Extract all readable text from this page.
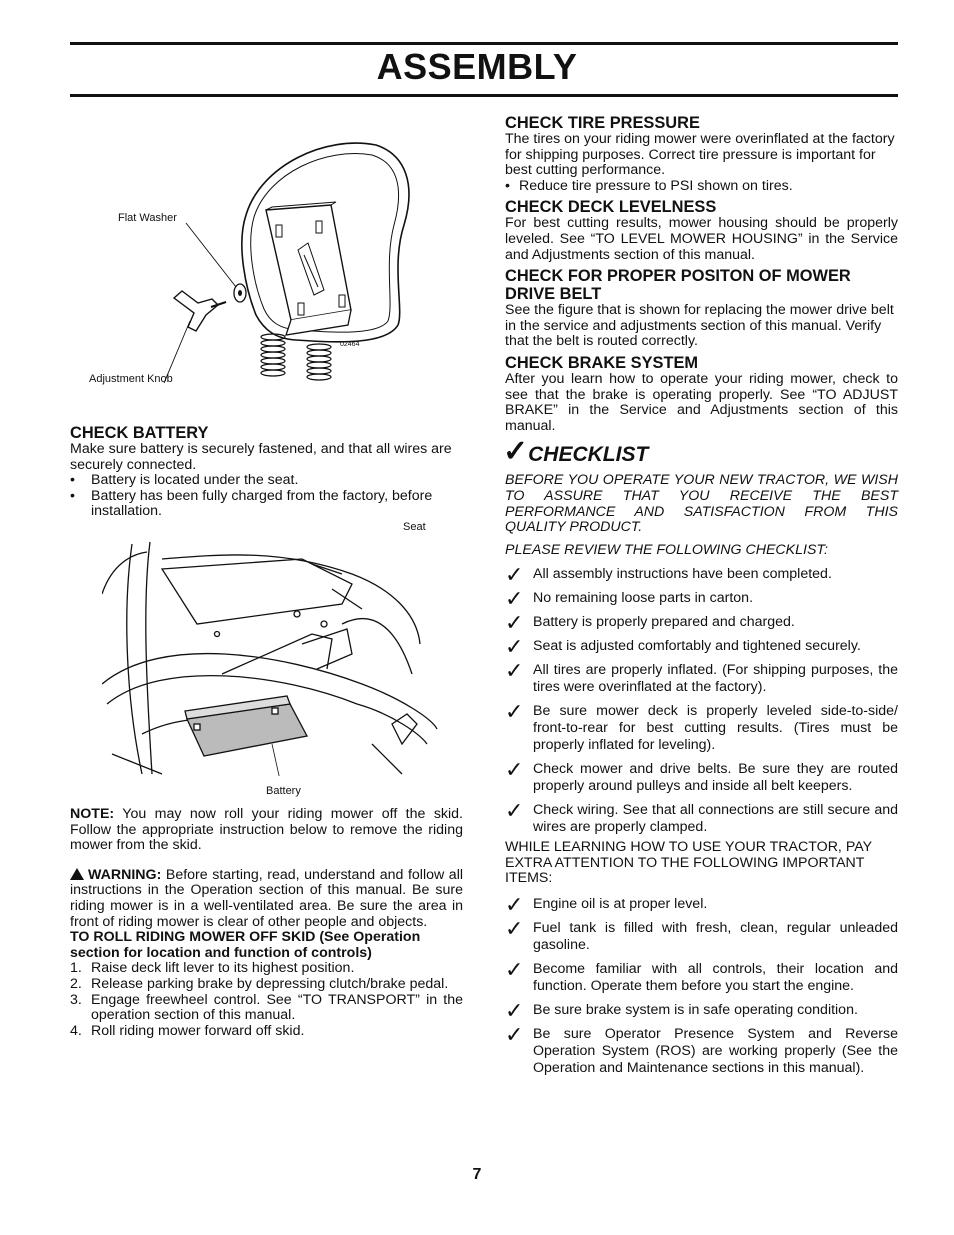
ASSEMBLY
Flat Washer
Adjustment Knob
02464
CHECK BATTERY

Make sure battery is securely fastened, and that all wires are securely connected.

• Battery is located under the seat.
• Battery has been fully charged from the factory, before installation.
Seat
Battery

NOTE: You may now roll your riding mower off the skid. Follow the appropriate instruction below to remove the riding mower from the skid.

WARNING: Before starting, read, understand and follow all instructions in the Operation section of this manual. Be sure riding mower is in a well-ventilated area. Be sure the area in front of riding mower is clear of other people and objects.

TO ROLL RIDING MOWER OFF SKID (See Operation section for location and function of controls)

1. Raise deck lift lever to its highest position.
2. Release parking brake by depressing clutch/brake pedal.
3. Engage freewheel control. See “TO TRANSPORT” in the operation section of this manual.
4. Roll riding mower forward off skid.
CHECK TIRE PRESSURE

The tires on your riding mower were overinflated at the factory for shipping purposes. Correct tire pressure is important for best cutting performance.

• Reduce tire pressure to PSI shown on tires.
CHECK DECK LEVELNESS

For best cutting results, mower housing should be properly leveled. See “TO LEVEL MOWER HOUSING” in the Service and Adjustments section of this manual.

CHECK FOR PROPER POSITON OF MOWER DRIVE BELT

See the figure that is shown for replacing the mower drive belt in the service and adjustments section of this manual. Verify that the belt is routed correctly.

CHECK BRAKE SYSTEM

After you learn how to operate your riding mower, check to see that the brake is operating properly. See “TO ADJUST BRAKE” in the Service and Adjustments section of this manual.

✓CHECKLIST

BEFORE YOU OPERATE YOUR NEW TRACTOR, WE WISH TO ASSURE THAT YOU RECEIVE THE BEST PERFORMANCE AND SATISFACTION FROM THIS QUALITY PRODUCT.

PLEASE REVIEW THE FOLLOWING CHECKLIST:

✓ All assembly instructions have been completed.
✓ No remaining loose parts in carton.
✓ Battery is properly prepared and charged.
✓ Seat is adjusted comfortably and tightened securely.
✓ All tires are properly inflated. (For shipping purposes, the tires were overinflated at the factory).
✓ Be sure mower deck is properly leveled side-to-side/ front-to-rear for best cutting results. (Tires must be properly inflated for leveling).
✓ Check mower and drive belts. Be sure they are routed properly around pulleys and inside all belt keepers.
✓ Check wiring. See that all connections are still secure and wires are properly clamped.

WHILE LEARNING HOW TO USE YOUR TRACTOR, PAY EXTRA ATTENTION TO THE FOLLOWING IMPORTANT ITEMS:

✓ Engine oil is at proper level.
✓ Fuel tank is filled with fresh, clean, regular unleaded gasoline.
✓ Become familiar with all controls, their location and function. Operate them before you start the engine.
✓ Be sure brake system is in safe operating condition.
✓ Be sure Operator Presence System and Reverse Operation System (ROS) are working properly (See the Operation and Maintenance sections in this manual).
7
